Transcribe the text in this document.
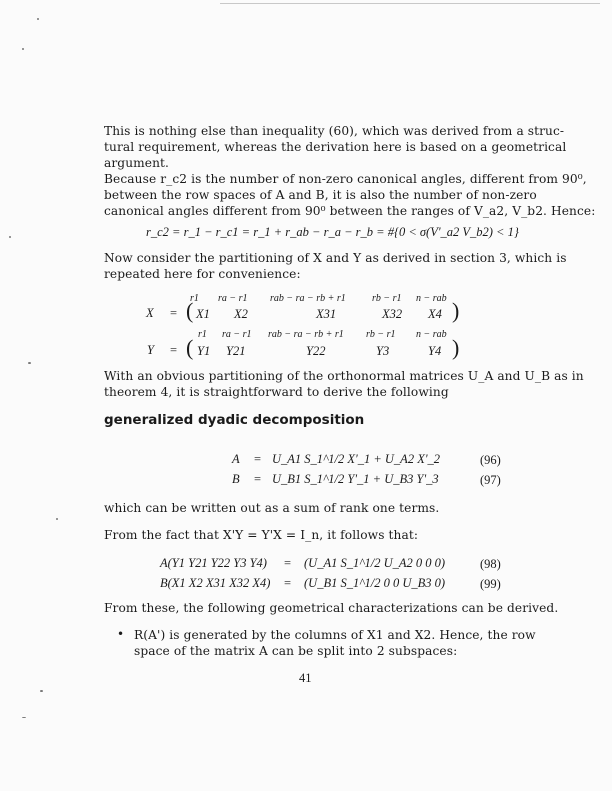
This is nothing else than inequality (60), which was derived from a struc-
tural requirement, whereas the derivation here is based on a geometrical
argument.
Because r_c2 is the number of non-zero canonical angles, different from 90⁰,
between the row spaces of A and B, it is also the number of non-zero
canonical angles different from 90⁰ between the ranges of V_a2, V_b2. Hence:
r_c2 = r_1 − r_c1 = r_1 + r_ab − r_a − r_b = #{0 < σ(V'_a2 V_b2) < 1}
Now consider the partitioning of X and Y as derived in section 3, which is
repeated here for convenience:
r1 ra − r1 rab − ra − rb + r1	rb − r1 n − rab
X = ( X1 X2	X31	X32 X4 )
r1 ra − r1 rab − ra − rb + r1 rb − r1 n − rab
Y = ( Y1 Y21	Y22	Y3	Y4 )
With an obvious partitioning of the orthonormal matrices U_A and U_B as in
theorem 4, it is straightforward to derive the following
generalized dyadic decomposition
A = U_A1 S_1^1/2 X'_1 + U_A2 X'_2	(96)
B = U_B1 S_1^1/2 Y'_1 + U_B3 Y'_3	(97)
which can be written out as a sum of rank one terms.
From the fact that X'Y = Y'X = I_n, it follows that:
A(Y1 Y21 Y22 Y3 Y4) = (U_A1 S_1^1/2 U_A2 0 0 0)	(98)
B(X1 X2 X31 X32 X4) = (U_B1 S_1^1/2 0 0 U_B3 0)	(99)
From these, the following geometrical characterizations can be derived.
• R(A') is generated by the columns of X1 and X2. Hence, the row
space of the matrix A can be split into 2 subspaces:
41
